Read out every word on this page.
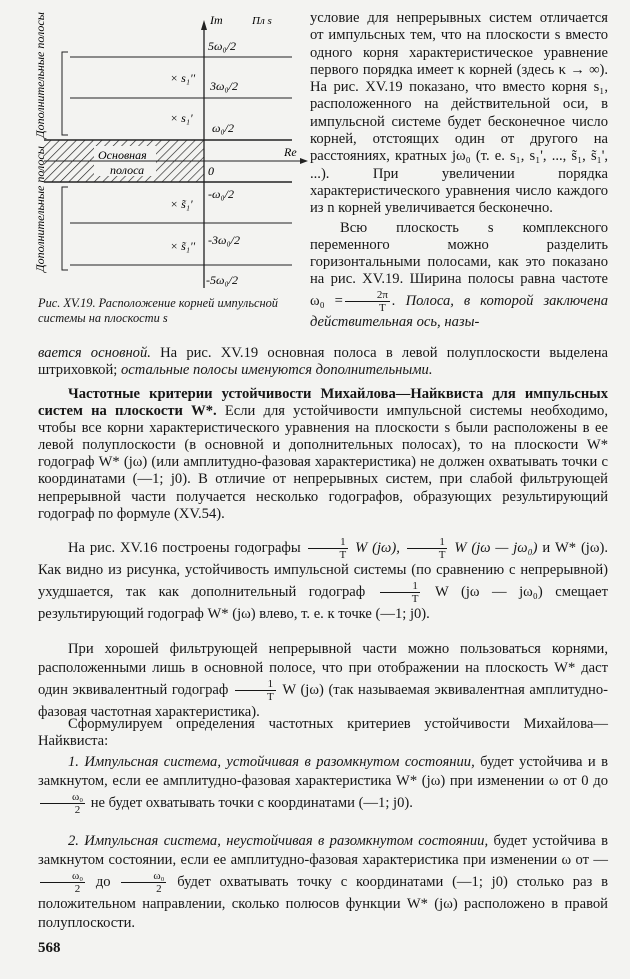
Дополнительные полосы
Дополнительные полосы
Im	Пл s
Re
Основная
полоса
5ω₀/2
3ω₀/2
ω₀/2
0
-ω₀/2
-3ω₀/2
-5ω₀/2
× s₁''
× s₁'
× s̃₁'
× s̃₁''

Рис. XV.19. Расположение корней импульсной системы на плоскости s

условие для непрерывных систем отличается от импульсных тем, что на плоскости s вместо одного корня характеристическое уравнение первого порядка имеет κ корней (здесь κ → ∞). На рис. XV.19 показано, что вместо корня s₁, расположенного на действительной оси, в импульсной системе будет бесконечное число корней, отстоящих один от другого на расстояниях, кратных jω₀ (т. е. s₁, s₁', ..., s̃₁, s̃₁', ...). При увеличении порядка характеристического уравнения число каждого из n корней увеличивается бесконечно.

Всю плоскость s комплексного переменного можно разделить горизонтальными полосами, как это показано на рис. XV.19. Ширина полосы равна частоте $\omega_0 = \frac{2\pi}{T}$ . Полоса, в которой заключена действительная ось, назы-

вается основной. На рис. XV.19 основная полоса в левой полуплоскости выделена штриховкой; остальные полосы именуются дополнительными.

Частотные критерии устойчивости Михайлова—Найквиста для импульсных систем на плоскости W*. Если для устойчивости импульсной системы необходимо, чтобы все корни характеристического уравнения на плоскости s были расположены в ее левой полуплоскости (в основной и дополнительных полосах), то на плоскости W* годограф W* (jω) (или амплитудно-фазовая характеристика) не должен охватывать точки с координатами (—1; j0). В отличие от непрерывных систем, при слабой фильтрующей непрерывной части получается несколько годографов, образующих результирующий годограф по формуле (XV.54).

На рис. XV.16 построены годографы $\frac{1}{T}$ W (jω), $\frac{1}{T}$ W (jω — jω₀) и W* (jω). Как видно из рисунка, устойчивость импульсной системы (по сравнению с непрерывной) ухудшается, так как дополнительный годограф $\frac{1}{T}$ W (jω — jω₀) смещает результирующий годограф W* (jω) влево, т. е. к точке (—1; j0).

При хорошей фильтрующей непрерывной части можно пользоваться корнями, расположенными лишь в основной полосе, что при отображении на плоскость W* даст один эквивалентный годограф $\frac{1}{T}$ W (jω) (так называемая эквивалентная амплитудно-фазовая частотная характеристика).

Сформулируем определения частотных критериев устойчивости Михайлова—Найквиста:

1. Импульсная система, устойчивая в разомкнутом состоянии, будет устойчива и в замкнутом, если ее амплитудно-фазовая характеристика W* (jω) при изменении ω от 0 до
$\frac{\text{ω₀}}{2}$ не будет охватывать точки с координатами (—1; j0).

2. Импульсная система, неустойчивая в разомкнутом состоянии, будет устойчива в замкнутом состоянии, если ее амплитудно-фазовая характеристика при изменении ω от —
$\frac{\text{ω₀}}{2}$ до $\frac{\text{ω₀}}{2}$ будет охватывать точку с координатами (—1; j0) столько раз в положительном направлении, сколько полюсов функции W* (jω) расположено в правой полуплоскости.

568
